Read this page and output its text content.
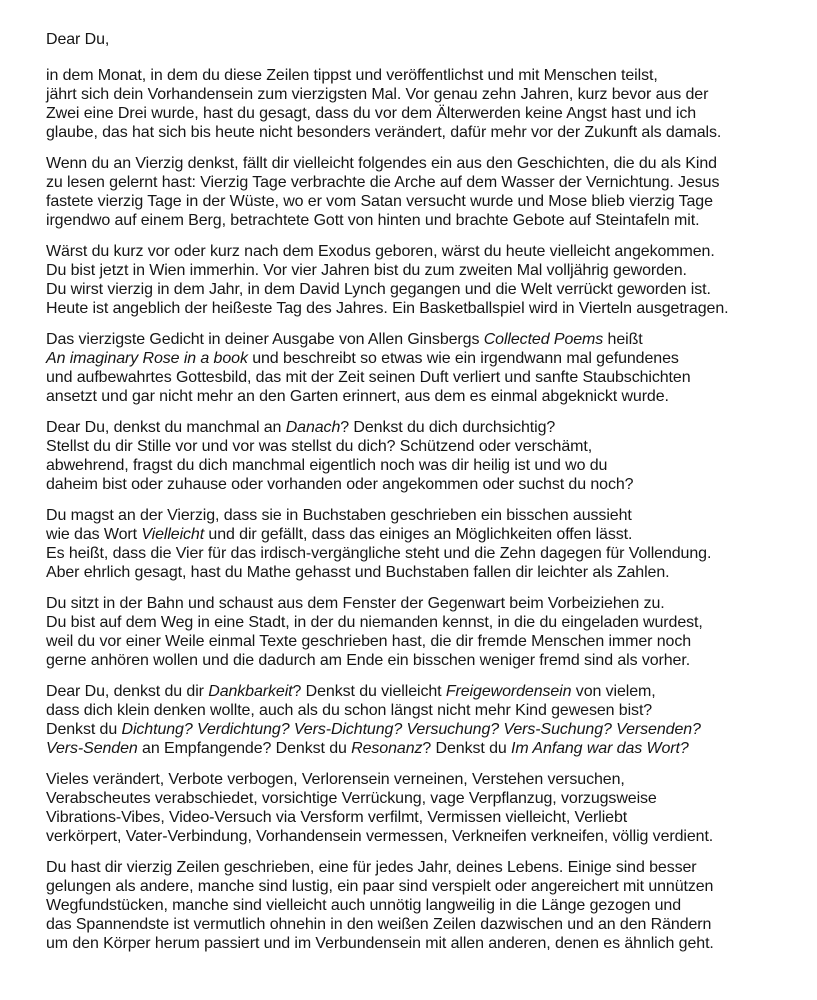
Dear Du,

in dem Monat, in dem du diese Zeilen tippst und veröffentlichst und mit Menschen teilst,
jährt sich dein Vorhandensein zum vierzigsten Mal. Vor genau zehn Jahren, kurz bevor aus der
Zwei eine Drei wurde, hast du gesagt, dass du vor dem Älterwerden keine Angst hast und ich
glaube, das hat sich bis heute nicht besonders verändert, dafür mehr vor der Zukunft als damals.

Wenn du an Vierzig denkst, fällt dir vielleicht folgendes ein aus den Geschichten, die du als Kind
zu lesen gelernt hast: Vierzig Tage verbrachte die Arche auf dem Wasser der Vernichtung. Jesus
fastete vierzig Tage in der Wüste, wo er vom Satan versucht wurde und Mose blieb vierzig Tage
irgendwo auf einem Berg, betrachtete Gott von hinten und brachte Gebote auf Steintafeln mit.

Wärst du kurz vor oder kurz nach dem Exodus geboren, wärst du heute vielleicht angekommen.
Du bist jetzt in Wien immerhin. Vor vier Jahren bist du zum zweiten Mal volljährig geworden.
Du wirst vierzig in dem Jahr, in dem David Lynch gegangen und die Welt verrückt geworden ist.
Heute ist angeblich der heißeste Tag des Jahres. Ein Basketballspiel wird in Vierteln ausgetragen.

Das vierzigste Gedicht in deiner Ausgabe von Allen Ginsbergs Collected Poems heißt
An imaginary Rose in a book und beschreibt so etwas wie ein irgendwann mal gefundenes
und aufbewahrtes Gottesbild, das mit der Zeit seinen Duft verliert und sanfte Staubschichten
ansetzt und gar nicht mehr an den Garten erinnert, aus dem es einmal abgeknickt wurde.

Dear Du, denkst du manchmal an Danach? Denkst du dich durchsichtig?
Stellst du dir Stille vor und vor was stellst du dich? Schützend oder verschämt,
abwehrend, fragst du dich manchmal eigentlich noch was dir heilig ist und wo du
daheim bist oder zuhause oder vorhanden oder angekommen oder suchst du noch?

Du magst an der Vierzig, dass sie in Buchstaben geschrieben ein bisschen aussieht
wie das Wort Vielleicht und dir gefällt, dass das einiges an Möglichkeiten offen lässt.
Es heißt, dass die Vier für das irdisch-vergängliche steht und die Zehn dagegen für Vollendung.
Aber ehrlich gesagt, hast du Mathe gehasst und Buchstaben fallen dir leichter als Zahlen.

Du sitzt in der Bahn und schaust aus dem Fenster der Gegenwart beim Vorbeiziehen zu.
Du bist auf dem Weg in eine Stadt, in der du niemanden kennst, in die du eingeladen wurdest,
weil du vor einer Weile einmal Texte geschrieben hast, die dir fremde Menschen immer noch
gerne anhören wollen und die dadurch am Ende ein bisschen weniger fremd sind als vorher.

Dear Du, denkst du dir Dankbarkeit? Denkst du vielleicht Freigewordensein von vielem,
dass dich klein denken wollte, auch als du schon längst nicht mehr Kind gewesen bist?
Denkst du Dichtung? Verdichtung? Vers-Dichtung? Versuchung? Vers-Suchung? Versenden?
Vers-Senden an Empfangende? Denkst du Resonanz? Denkst du Im Anfang war das Wort?

Vieles verändert, Verbote verbogen, Verlorensein verneinen, Verstehen versuchen,
Verabscheutes verabschiedet, vorsichtige Verrückung, vage Verpflanzug, vorzugsweise
Vibrations-Vibes, Video-Versuch via Versform verfilmt, Vermissen vielleicht, Verliebt
verkörpert, Vater-Verbindung, Vorhandensein vermessen, Verkneifen verkneifen, völlig verdient.

Du hast dir vierzig Zeilen geschrieben, eine für jedes Jahr, deines Lebens. Einige sind besser
gelungen als andere, manche sind lustig, ein paar sind verspielt oder angereichert mit unnützen
Wegfundstücken, manche sind vielleicht auch unnötig langweilig in die Länge gezogen und
das Spannendste ist vermutlich ohnehin in den weißen Zeilen dazwischen und an den Rändern
um den Körper herum passiert und im Verbundensein mit allen anderen, denen es ähnlich geht.
